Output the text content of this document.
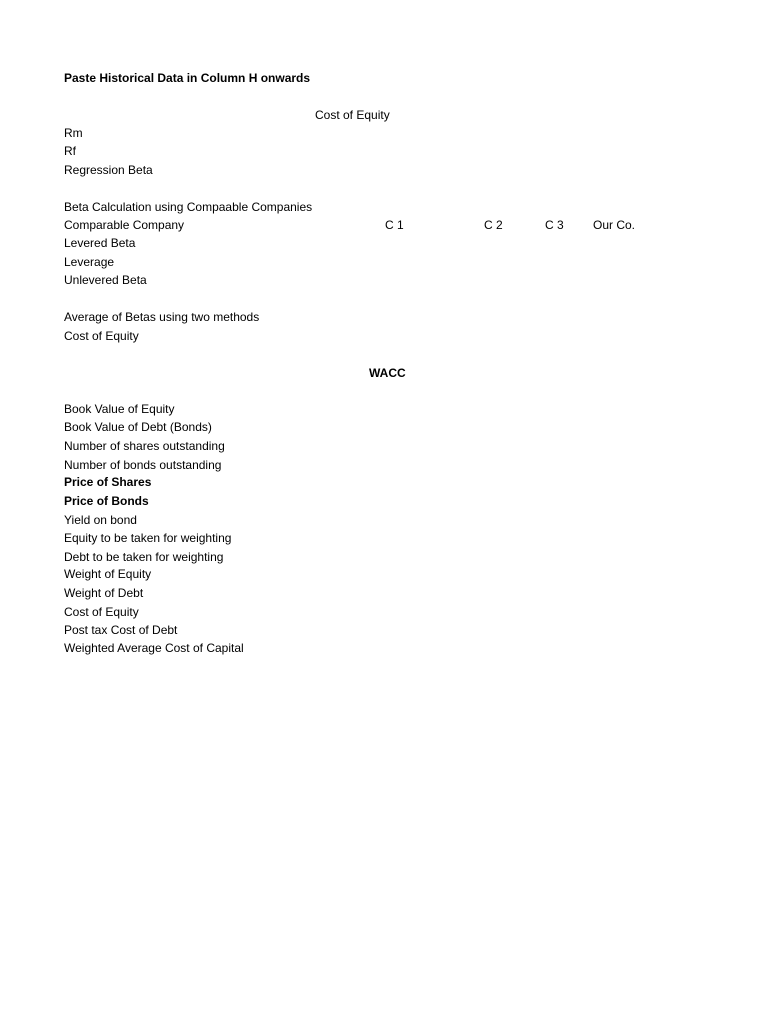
Paste Historical Data in Column H onwards
Cost of Equity
Rm
Rf
Regression Beta
Beta Calculation using Compaable Companies
Comparable Company	C 1	C 2	C 3 Our Co.
Levered Beta
Leverage
Unlevered Beta
Average of Betas using two methods
Cost of Equity
WACC
Book Value of Equity
Book Value of Debt (Bonds)
Number of shares outstanding
Number of bonds outstanding
Price of Shares
Price of Bonds
Yield on bond
Equity to be taken for weighting
Debt to be taken for weighting
Weight of Equity
Weight of Debt
Cost of Equity
Post tax Cost of Debt
Weighted Average Cost of Capital
